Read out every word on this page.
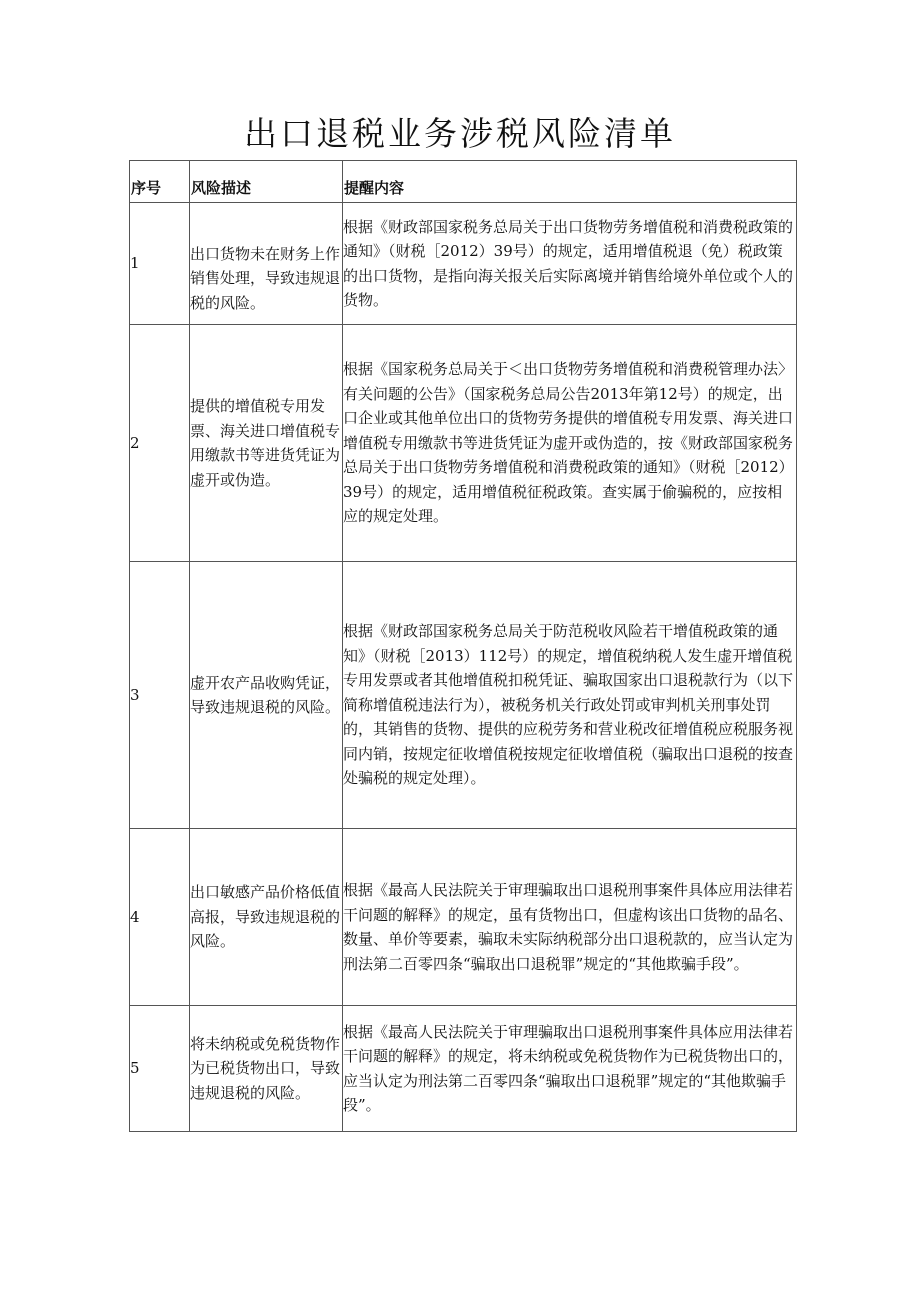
出口退税业务涉税风险清单
序号	风险描述	提醒内容
1	出口货物未在财务上作销售处理，导致违规退税的风险。	根据《财政部国家税务总局关于出口货物劳务增值税和消费税政策的通知》（财税［2012）39号）的规定，适用增值税退（免）税政策的出口货物，是指向海关报关后实际离境并销售给境外单位或个人的货物。

2	提供的增值税专用发票、海关进口增值税专用缴款书等进货凭证为虚开或伪造。	根据《国家税务总局关于＜出口货物劳务增值税和消费税管理办法〉有关问题的公告》（国家税务总局公告2013年第12号）的规定，出口企业或其他单位出口的货物劳务提供的增值税专用发票、海关进口增值税专用缴款书等进货凭证为虚开或伪造的，按《财政部国家税务总局关于出口货物劳务增值税和消费税政策的通知》（财税［2012）39号）的规定，适用增值税征税政策。查实属于偷骗税的，应按相应的规定处理。

3	虚开农产品收购凭证，导致违规退税的风险。	根据《财政部国家税务总局关于防范税收风险若干增值税政策的通知》（财税［2013）112号）的规定，增值税纳税人发生虚开增值税专用发票或者其他增值税扣税凭证、骗取国家出口退税款行为（以下简称增值税违法行为），被税务机关行政处罚或审判机关刑事处罚的，其销售的货物、提供的应税劳务和营业税改征增值税应税服务视同内销，按规定征收增值税按规定征收增值税（骗取出口退税的按查处骗税的规定处理）。

4	出口敏感产品价格低值高报，导致违规退税的风险。	根据《最高人民法院关于审理骗取出口退税刑事案件具体应用法律若干问题的解释》的规定，虽有货物出口，但虚构该出口货物的品名、数量、单价等要素，骗取未实际纳税部分出口退税款的，应当认定为刑法第二百零四条“骗取出口退税罪”规定的“其他欺骗手段”。

5	将未纳税或免税货物作为已税货物出口，导致违规退税的风险。	根据《最高人民法院关于审理骗取出口退税刑事案件具体应用法律若干问题的解释》的规定，将未纳税或免税货物作为已税货物出口的，应当认定为刑法第二百零四条“骗取出口退税罪”规定的“其他欺骗手段”。
